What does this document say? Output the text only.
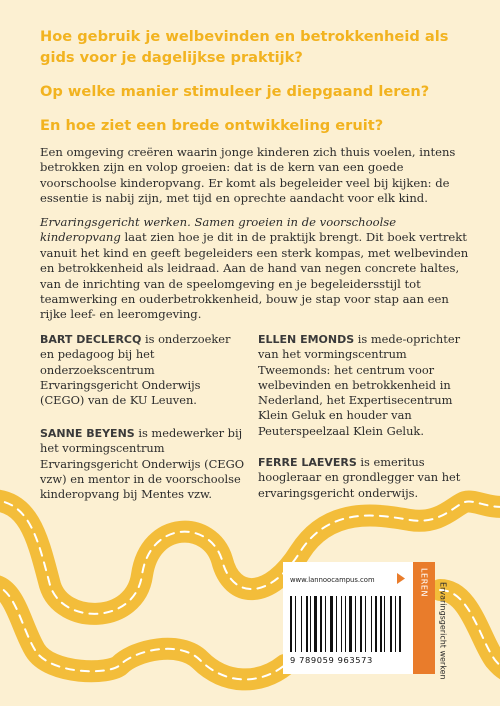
Hoe gebruik je welbevinden en betrokkenheid als gids voor je dagelijkse praktijk?

Op welke manier stimuleer je diepgaand leren?

En hoe ziet een brede ontwikkeling eruit?

Een omgeving creëren waarin jonge kinderen zich thuis voelen, intens betrokken zijn en volop groeien: dat is de kern van een goede voorschoolse kinderopvang. Er komt als begeleider veel bij kijken: de essentie is nabij zijn, met tijd en oprechte aandacht voor elk kind.

Ervaringsgericht werken. Samen groeien in de voorschoolse kinderopvang laat zien hoe je dit in de praktijk brengt. Dit boek vertrekt vanuit het kind en geeft begeleiders een sterk kompas, met welbevinden en betrokkenheid als leidraad. Aan de hand van negen concrete haltes, van de inrichting van de speelomgeving en je begeleidersstijl tot teamwerking en ouderbetrokkenheid, bouw je stap voor stap aan een rijke leef- en leeromgeving.

BART DECLERCQ is onderzoeker en pedagoog bij het onderzoekscentrum Ervaringsgericht Onderwijs (CEGO) van de KU Leuven.

SANNE BEYENS is medewerker bij het vormingscentrum Ervaringsgericht Onderwijs (CEGO vzw) en mentor in de voorschoolse kinderopvang bij Mentes vzw.

ELLEN EMONDS is mede-oprichter van het vormingscentrum Tweemonds: het centrum voor welbevinden en betrokkenheid in Nederland, het Expertisecentrum Klein Geluk en houder van Peuterspeelzaal Klein Geluk.

FERRE LAEVERS is emeritus hoogleraar en grondlegger van het ervaringsgericht onderwijs.

www.lannoocampus.com
9 789059 963573
LEREN Ervaringsgericht werken
